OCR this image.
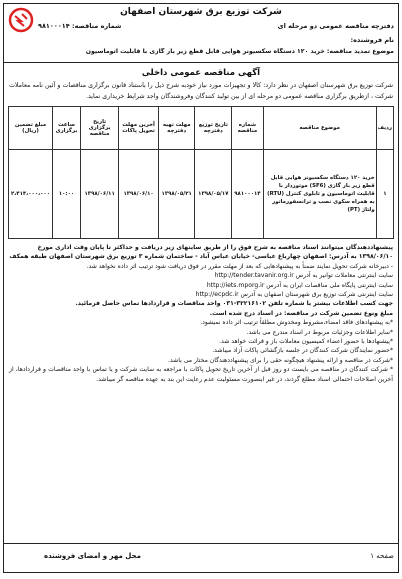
شرکت توزیع برق شهرستان اصفهان
دفترچه مناقصه عمومی دو مرحله ای
شماره مناقصه: ۹۸۱۰۰۰۱۴
نام فروشنده:
موضوع تمدید مناقصه: خرید ۱۲۰ دستگاه سکسیونر هوایی قابل قطع زیر بار گازی با قابلیت اتوماسیون
آگهی مناقصه عمومی داخلی
شرکت توزیع برق شهرستان اصفهان در نظر دارد: کالا و تجهیزات مورد نیاز خودبه شرح ذیل را باستناد قانون برگزاری مناقصات و آئین نامه معاملات شرکت ، ازطریق برگزاری مناقصه عمومی دو مرحله ای از بین تولید کنندگان وفروشندگان واجد شرایط خریداری نماید.
ردیف	موضوع مناقصه	شماره مناقصه	تاریخ توزیع دفترچه	مهلت تهیه دفترچه	آخرین مهلت تحویل پاکات	تاریخ برگزاری مناقصه	ساعت برگزاری	مبلغ تضمین (ریال)
۱	خرید ۱۲۰ دستگاه سکسیونر هوایی قابل قطع زیر بار گازی (SF6) موتوردار با قابلیت اتوماسیون و تابلوی کنترل (RTU) به همراه سکوی نصب و ترانسفورماتور ولتاژ (PT)	۹۸۱۰۰۰۱۴	۱۳۹۸/۰۵/۱۷	۱۳۹۸/۰۵/۲۱	۱۳۹۸/۰۶/۱۰	۱۳۹۸/۰۶/۱۱	۱۰:۰۰	۲،۴۱۴،۰۰۰،۰۰۰

پیشنهاددهندگان میتوانند اسناد مناقصه به شرح فوق را از طریق سایتهای زیر دریافت و حداکثر تا پایان وقت اداری مورخ

۱۳۹۸/۰۶/۱۰ به آدرس: اصفهان چهارباغ عباسی- خیابان عباس آباد - ساختمان شماره ۳ توزیع برق شهرستان اصفهان طبقه همکف

- دبیرخانه شرکت تحویل نمایند ضمناً به پیشنهادهایی که بعد از مهلت مقرر در فوق دریافت شود ترتیب اثر داده نخواهد شد.

سایت اینترنتی معاملات توانیر به آدرس http://tender.tavanir.org.ir

سایت اینترنتی پایگاه ملی مناقصات ایران به آدرس http://iets.mporg.ir

سایت اینترنتی شرکت توزیع برق شهرستان اصفهان به آدرس http://ecpdc.ir

جهت کسب اطلاعات بیشتر با شماره تلفن ۳۲۲۱۶۱۰۲-۰۳۱ واحد مناقصات و قراردادها تماس حاصل فرمائید.

مبلغ ونوع تضمین شرکت در مناقصه: در اسناد درج شده است.

*به پیشنهادهای فاقد امضاء،مشروط ومخدوش مطلقاً ترتیب اثر داده نمیشود.

*سایر اطلاعات وجزئیات مربوط در اسناد مندرج می باشد.

*پیشنهادها با حضور اعضاء کمیسیون معاملات باز و قرائت خواهد شد.

*حضور نمایندگان شرکت کنندگان در جلسه بازگشائی پاکات آزاد میباشد.

*شرکت در مناقصه و ارائه پیشنهاد هیچگونه حقی را برای پیشنهاددهندگان مختار می باشد.

* شرکت کنندگان در مناقصه می بایست دو روز قبل از آخرین تاریخ تحویل پاکات با مراجعه به سایت شرکت و یا تماس با واحد مناقصات و قراردادها، از آخرین اصلاحات احتمالی اسناد مطلع گردند، در غیر اینصورت مسئولیت عدم رعایت این بند به عهده مناقصه گر میباشد.

صفحه ۱
محل مهر و امضای فروشنده
